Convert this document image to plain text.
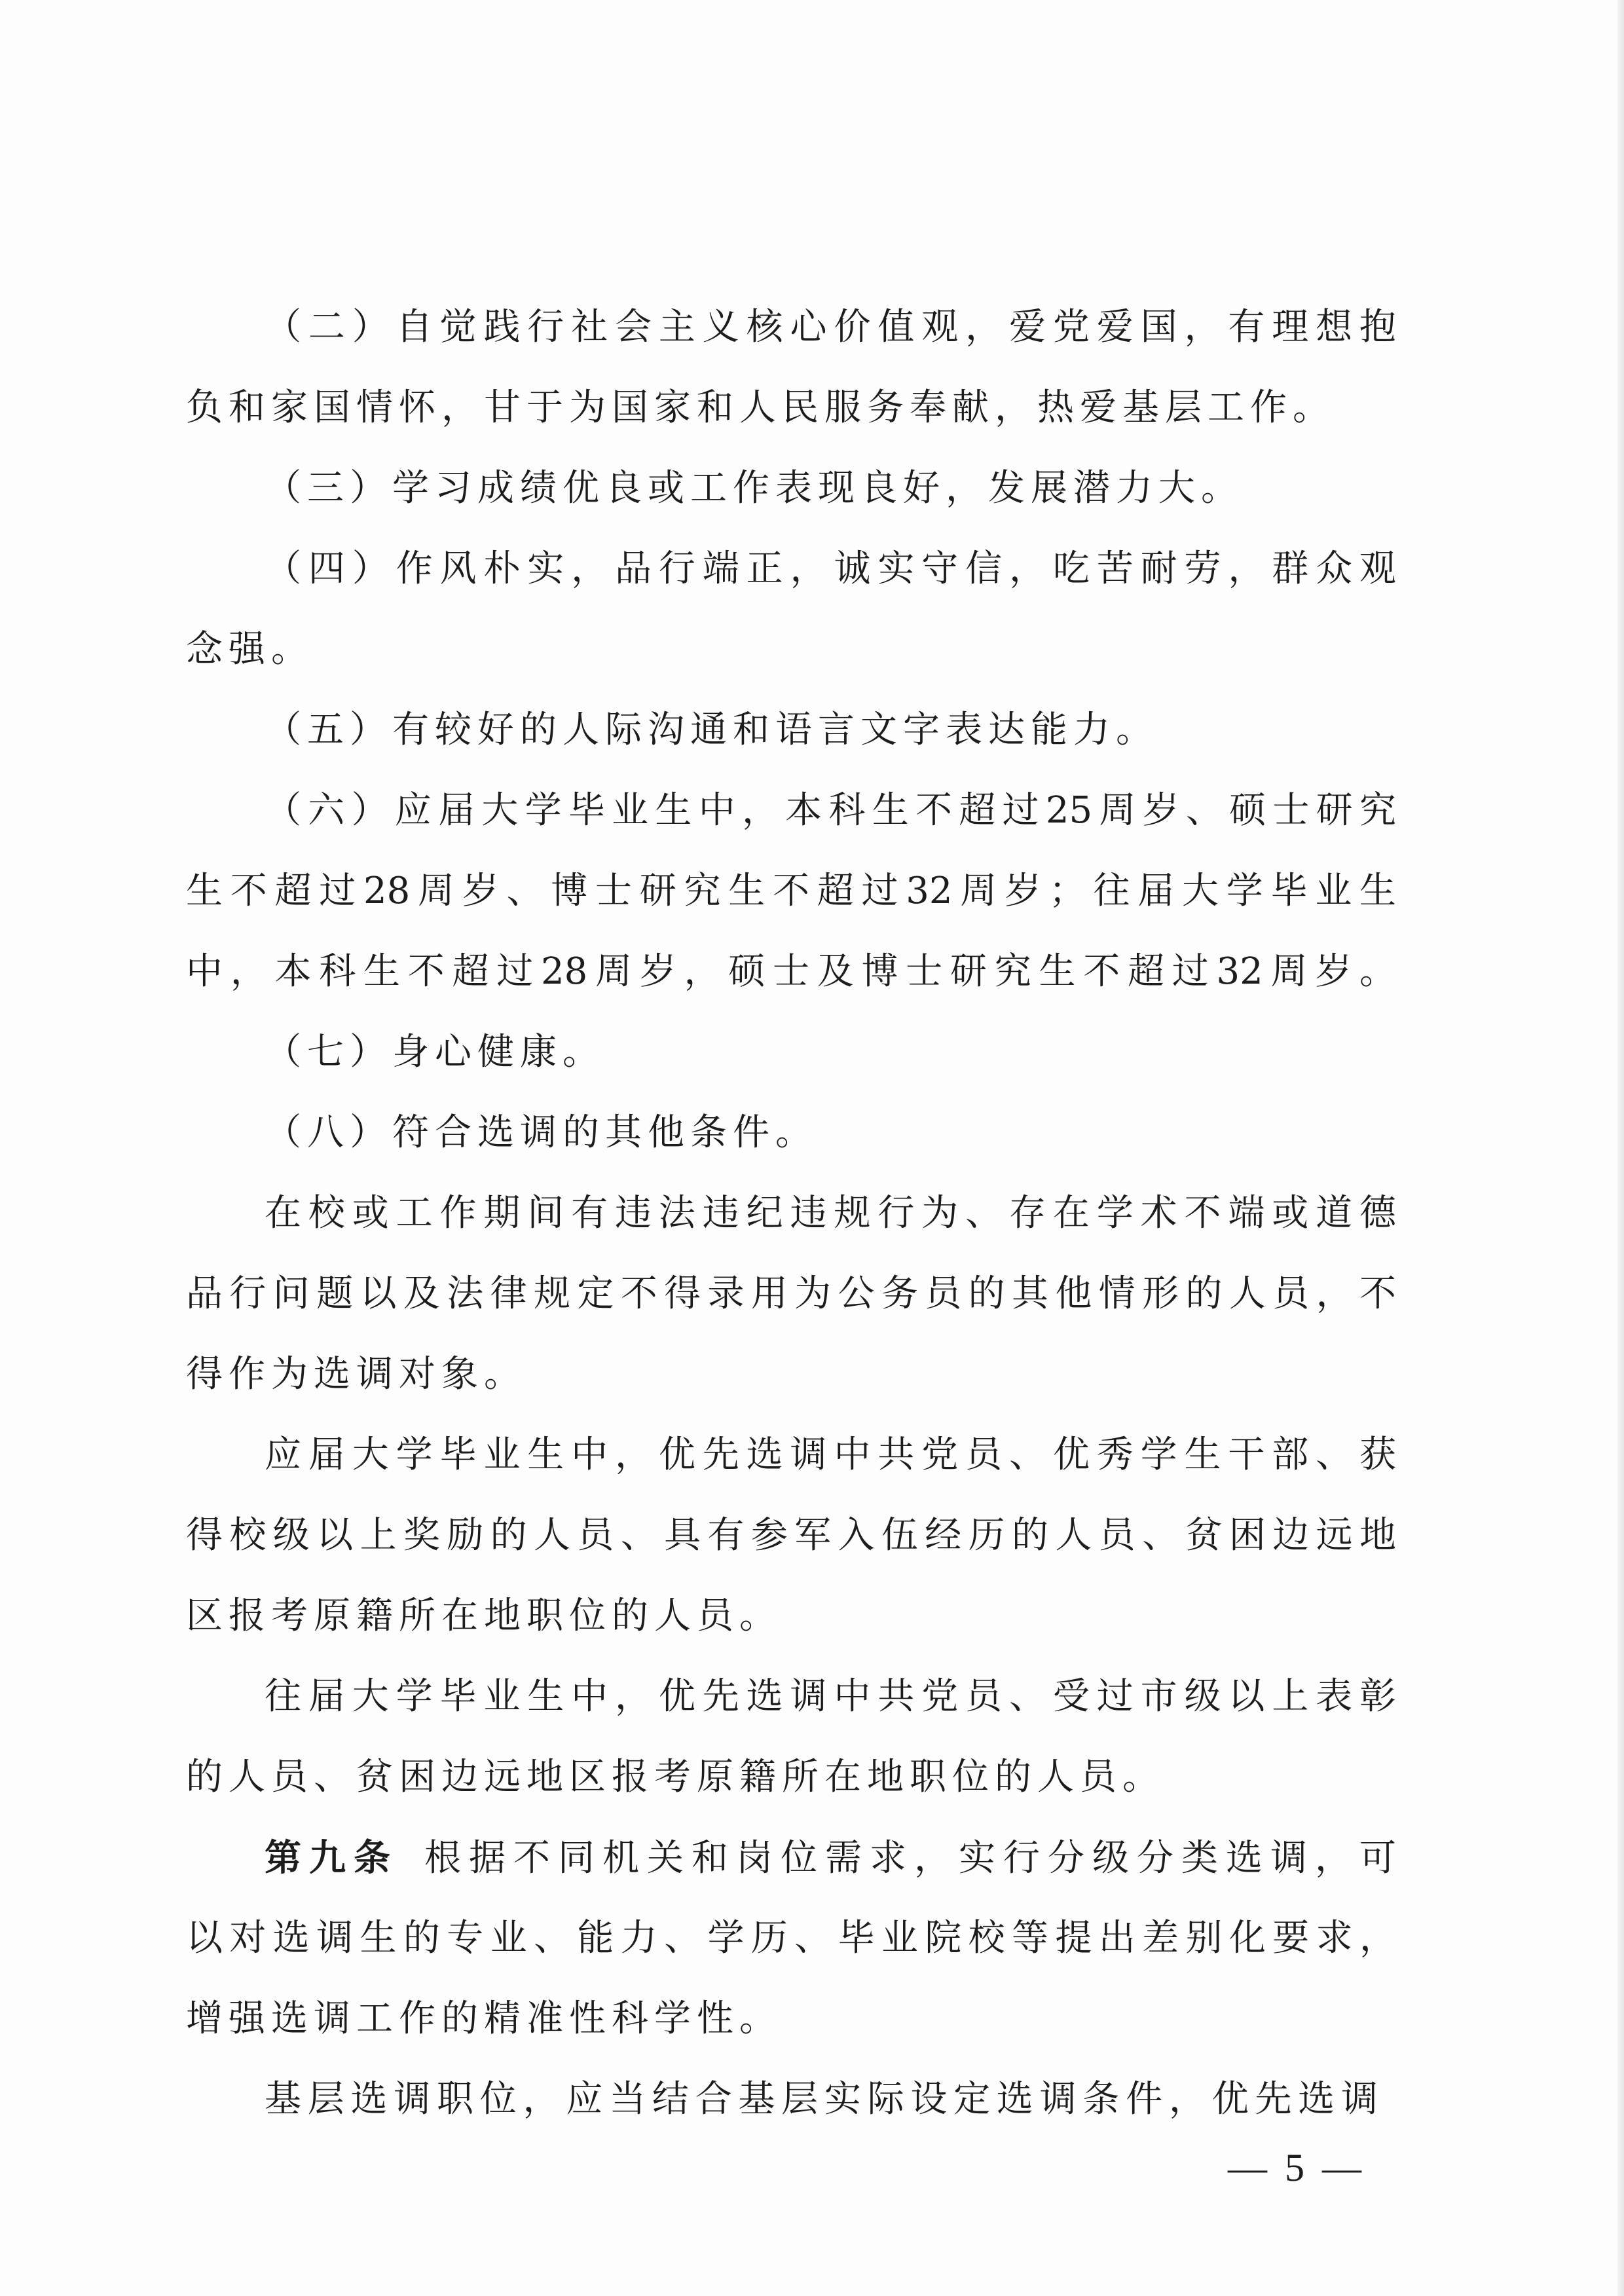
（二）自觉践行社会主义核心价值观，爱党爱国，有理想抱
负和家国情怀，甘于为国家和人民服务奉献，热爱基层工作。
（三）学习成绩优良或工作表现良好，发展潜力大。
（四）作风朴实，品行端正，诚实守信，吃苦耐劳，群众观
念强。
（五）有较好的人际沟通和语言文字表达能力。
（六）应届大学毕业生中，本科生不超过25周岁、硕士研究
生不超过28周岁、博士研究生不超过32周岁；往届大学毕业生
中，本科生不超过28周岁，硕士及博士研究生不超过32周岁。
（七）身心健康。
（八）符合选调的其他条件。
在校或工作期间有违法违纪违规行为、存在学术不端或道德
品行问题以及法律规定不得录用为公务员的其他情形的人员，不
得作为选调对象。
应届大学毕业生中，优先选调中共党员、优秀学生干部、获
得校级以上奖励的人员、具有参军入伍经历的人员、贫困边远地
区报考原籍所在地职位的人员。
往届大学毕业生中，优先选调中共党员、受过市级以上表彰
的人员、贫困边远地区报考原籍所在地职位的人员。
第九条 根据不同机关和岗位需求，实行分级分类选调，可
以对选调生的专业、能力、学历、毕业院校等提出差别化要求，
增强选调工作的精准性科学性。
基层选调职位，应当结合基层实际设定选调条件，优先选调
— 5 —
